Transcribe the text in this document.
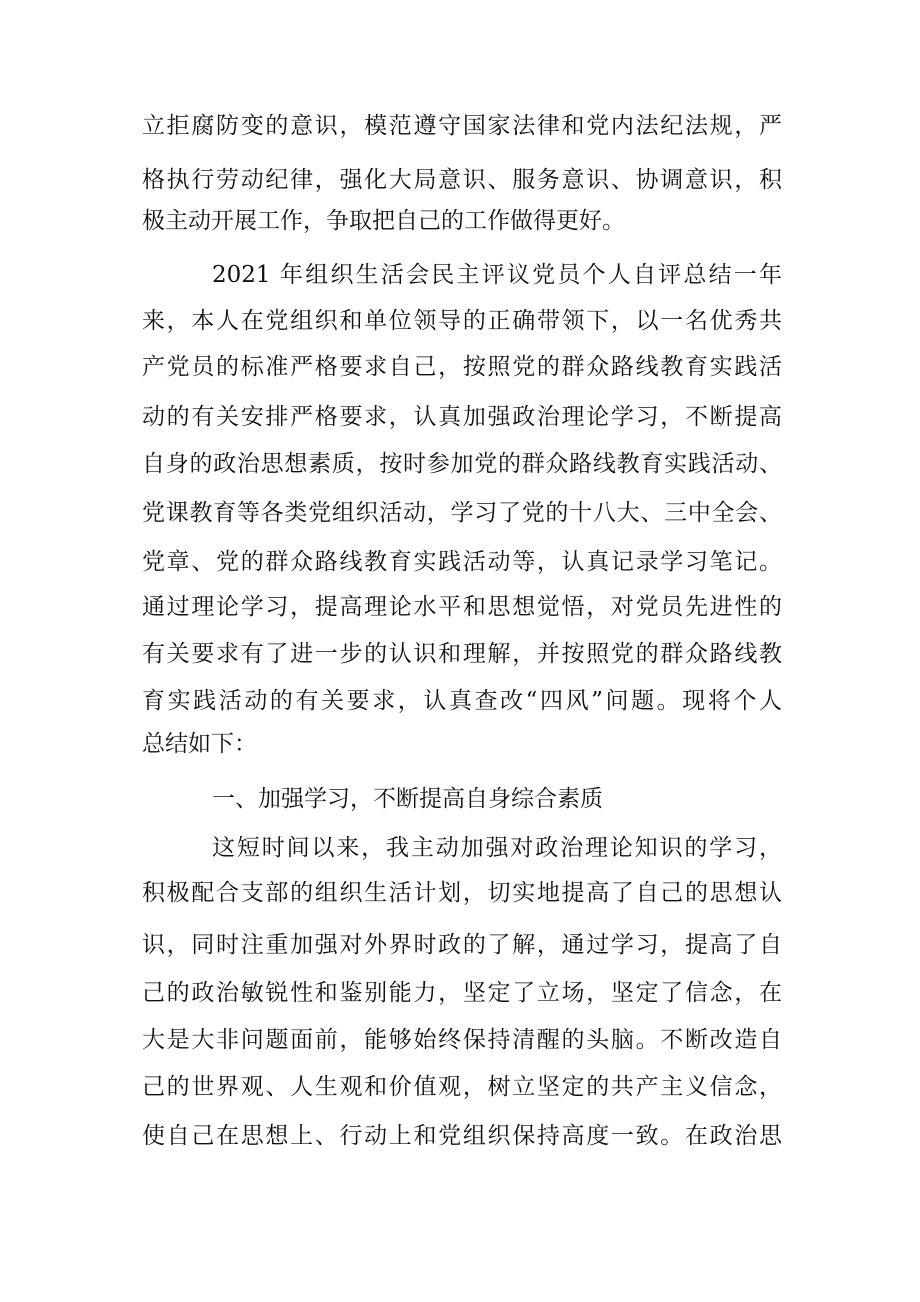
立拒腐防变的意识，模范遵守国家法律和党内法纪法规，严

格执行劳动纪律，强化大局意识、服务意识、协调意识，积

极主动开展工作，争取把自己的工作做得更好。

2021 年组织生活会民主评议党员个人自评总结一年

来，本人在党组织和单位领导的正确带领下，以一名优秀共

产党员的标准严格要求自己，按照党的群众路线教育实践活

动的有关安排严格要求，认真加强政治理论学习，不断提高

自身的政治思想素质，按时参加党的群众路线教育实践活动、

党课教育等各类党组织活动，学习了党的十八大、三中全会、

党章、党的群众路线教育实践活动等，认真记录学习笔记。

通过理论学习，提高理论水平和思想觉悟，对党员先进性的

有关要求有了进一步的认识和理解，并按照党的群众路线教

育实践活动的有关要求，认真查改“四风”问题。现将个人

总结如下：

一、加强学习，不断提高自身综合素质

这短时间以来，我主动加强对政治理论知识的学习，

积极配合支部的组织生活计划，切实地提高了自己的思想认

识，同时注重加强对外界时政的了解，通过学习，提高了自

己的政治敏锐性和鉴别能力，坚定了立场，坚定了信念，在

大是大非问题面前，能够始终保持清醒的头脑。不断改造自

己的世界观、人生观和价值观，树立坚定的共产主义信念，

使自己在思想上、行动上和党组织保持高度一致。在政治思
